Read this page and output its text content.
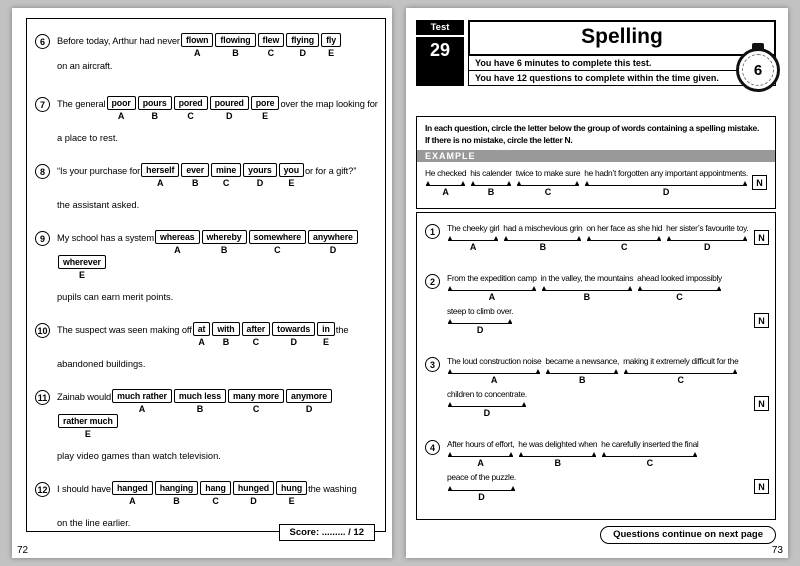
6	Before today, Arthur had never flown
A
flowing
B
flew
C
flying
D
fly
E
on an aircraft.
7	The general poor
A
pours
B
pored
C
poured
D
pore
E
over the map looking for
a place to rest.
8	“Is your purchase for herself
A
ever
B
mine
C
yours
D
you
E
or for a gift?”
the assistant asked.
9	My school has a system whereas
A
whereby
B
somewhere
C
anywhere
D
wherever
E
pupils can earn merit points.
10 The suspect was seen making off $\frac{at}{A}$ with
B
after
C
towards
D	$\frac{in}{E}$ the
abandoned buildings.
11 Zainab would much rather
A
much less
B
many more
C
anymore
D
rather much
E
play video games than watch television.
12 I should have hanged
A
hanging
B
hang
C
hunged
D
hung
E
the washing
on the line earlier.
Score: ......... / 12
72
Test
29
Spelling
You have 6 minutes to complete this test.
You have 12 questions to complete within the time given.	6
In each question, circle the letter below the group of words containing a spelling mistake.
If there is no mistake, circle the letter N.
EXAMPLE
He checked
A
his calender
B
twice to make sure
C
he hadn’t forgotten any important appointments.
D
N
1	The cheeky girl
A
had a mischevious grin
B
on her face as she hid
C
her sister’s favourite toy.
D
N
2	From the expedition camp
A
in the valley, the mountains
B
ahead looked impossibly
C
steep to climb over.
D
N
3	The loud construction noise
A
became a newsance,
B
making it extremely difficult for the
C
children to concentrate.
D
N
4	After hours of effort,
A
he was delighted when
B
he carefully inserted the final
C
peace of the puzzle.
D
N
Questions continue on next page
73
